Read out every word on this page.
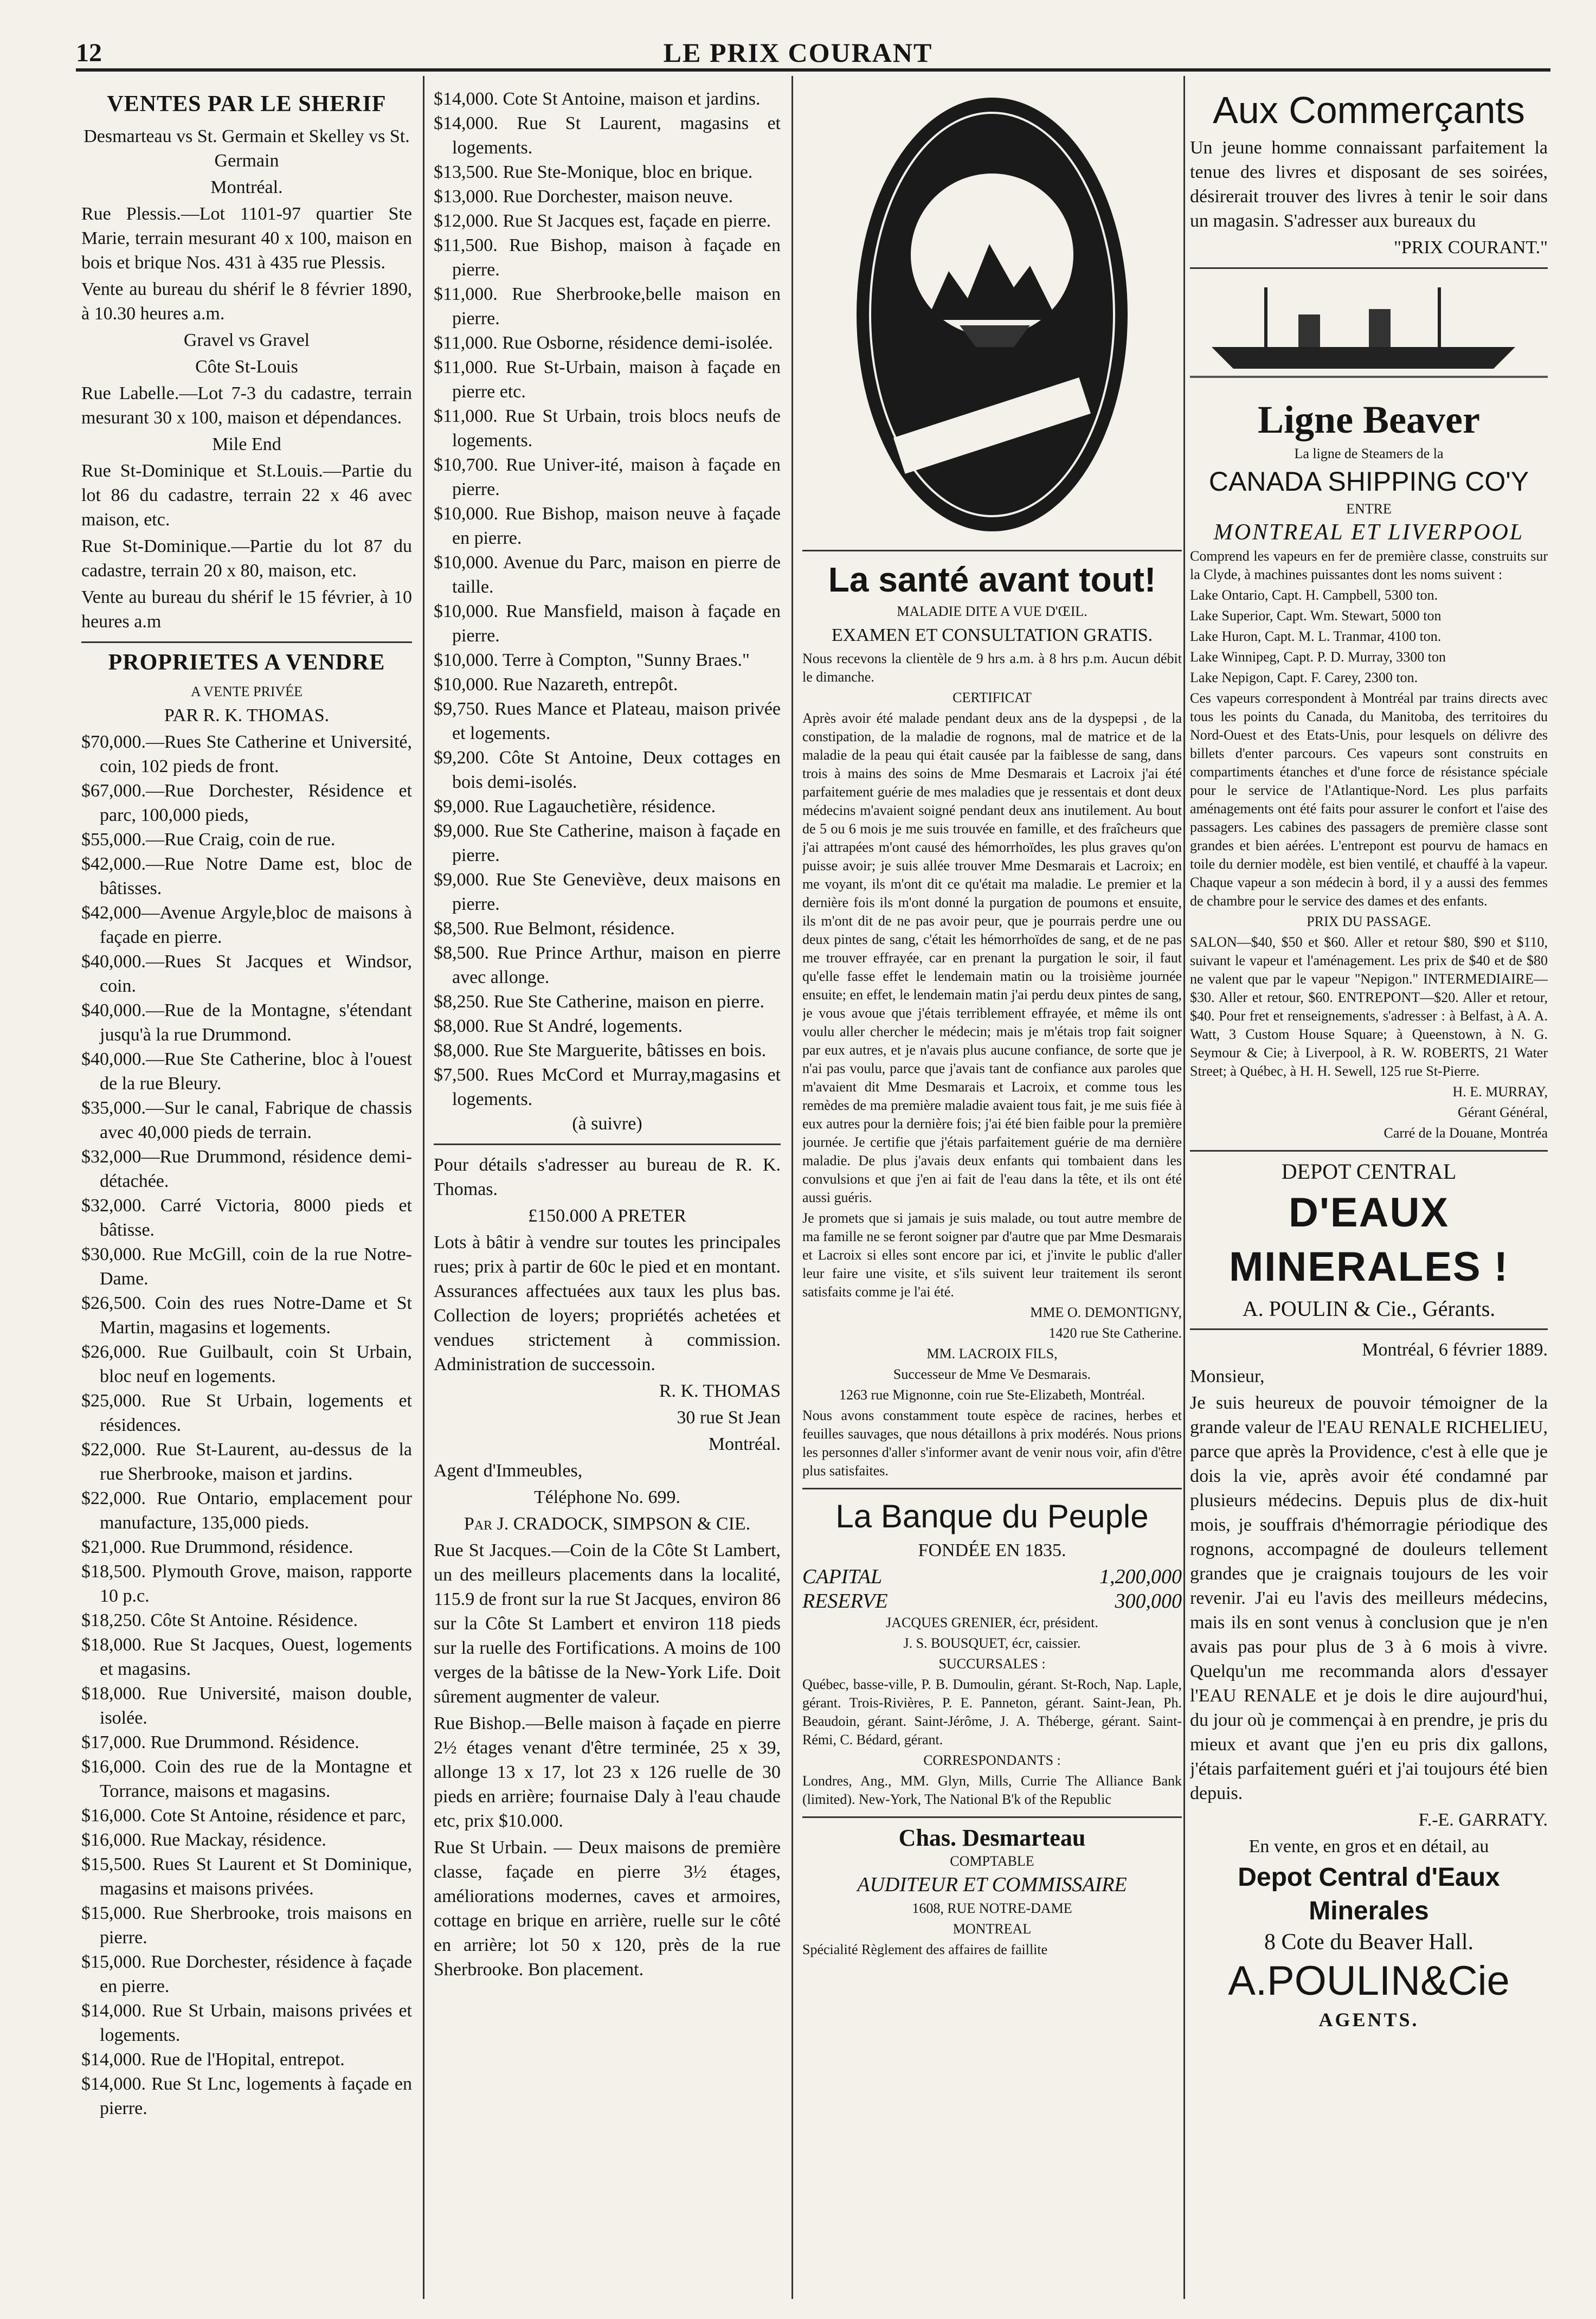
12	LE PRIX COURANT
VENTES PAR LE SHERIF

Desmarteau vs St. Germain et Skelley vs St. Germain

Montréal.

Rue Plessis.—Lot 1101-97 quartier Ste Marie, terrain mesurant 40 x 100, maison en bois et brique Nos. 431 à 435 rue Plessis.

Vente au bureau du shérif le 8 février 1890, à 10.30 heures a.m.

Gravel vs Gravel

Côte St-Louis

Rue Labelle.—Lot 7-3 du cadastre, terrain mesurant 30 x 100, maison et dépendances.

Mile End

Rue St-Dominique et St.Louis.—Partie du lot 86 du cadastre, terrain 22 x 46 avec maison, etc.

Rue St-Dominique.—Partie du lot 87 du cadastre, terrain 20 x 80, maison, etc.

Vente au bureau du shérif le 15 février, à 10 heures a.m

PROPRIETES A VENDRE

A VENTE PRIVÉE

PAR R. K. THOMAS.

$70,000.—Rues Ste Catherine et Université, coin, 102 pieds de front.

$67,000.—Rue Dorchester, Résidence et parc, 100,000 pieds,

$55,000.—Rue Craig, coin de rue.

$42,000.—Rue Notre Dame est, bloc de bâtisses.

$42,000—Avenue Argyle,bloc de maisons à façade en pierre.

$40,000.—Rues St Jacques et Windsor, coin.

$40,000.—Rue de la Montagne, s'étendant jusqu'à la rue Drummond.

$40,000.—Rue Ste Catherine, bloc à l'ouest de la rue Bleury.

$35,000.—Sur le canal, Fabrique de chassis avec 40,000 pieds de terrain.

$32,000—Rue Drummond, résidence demi-détachée.

$32,000. Carré Victoria, 8000 pieds et bâtisse.

$30,000. Rue McGill, coin de la rue Notre-Dame.

$26,500. Coin des rues Notre-Dame et St Martin, magasins et logements.

$26,000. Rue Guilbault, coin St Urbain, bloc neuf en logements.

$25,000. Rue St Urbain, logements et résidences.

$22,000. Rue St-Laurent, au-dessus de la rue Sherbrooke, maison et jardins.

$22,000. Rue Ontario, emplacement pour manufacture, 135,000 pieds.

$21,000. Rue Drummond, résidence.

$18,500. Plymouth Grove, maison, rapporte 10 p.c.

$18,250. Côte St Antoine. Résidence.

$18,000. Rue St Jacques, Ouest, logements et magasins.

$18,000. Rue Université, maison double, isolée.

$17,000. Rue Drummond. Résidence.

$16,000. Coin des rue de la Montagne et Torrance, maisons et magasins.

$16,000. Cote St Antoine, résidence et parc,

$16,000. Rue Mackay, résidence.

$15,500. Rues St Laurent et St Dominique, magasins et maisons privées.

$15,000. Rue Sherbrooke, trois maisons en pierre.

$15,000. Rue Dorchester, résidence à façade en pierre.

$14,000. Rue St Urbain, maisons privées et logements.

$14,000. Rue de l'Hopital, entrepot.

$14,000. Rue St Lnc, logements à façade en pierre.

$14,000. Cote St Antoine, maison et jardins.

$14,000. Rue St Laurent, magasins et logements.

$13,500. Rue Ste-Monique, bloc en brique.

$13,000. Rue Dorchester, maison neuve.

$12,000. Rue St Jacques est, façade en pierre.

$11,500. Rue Bishop, maison à façade en pierre.

$11,000. Rue Sherbrooke,belle maison en pierre.

$11,000. Rue Osborne, résidence demi-isolée.

$11,000. Rue St-Urbain, maison à façade en pierre etc.

$11,000. Rue St Urbain, trois blocs neufs de logements.

$10,700. Rue Univer-ité, maison à façade en pierre.

$10,000. Rue Bishop, maison neuve à façade en pierre.

$10,000. Avenue du Parc, maison en pierre de taille.

$10,000. Rue Mansfield, maison à façade en pierre.

$10,000. Terre à Compton, "Sunny Braes."

$10,000. Rue Nazareth, entrepôt.

$9,750. Rues Mance et Plateau, maison privée et logements.

$9,200. Côte St Antoine, Deux cottages en bois demi-isolés.

$9,000. Rue Lagauchetière, résidence.

$9,000. Rue Ste Catherine, maison à façade en pierre.

$9,000. Rue Ste Geneviève, deux maisons en pierre.

$8,500. Rue Belmont, résidence.

$8,500. Rue Prince Arthur, maison en pierre avec allonge.

$8,250. Rue Ste Catherine, maison en pierre.

$8,000. Rue St André, logements.

$8,000. Rue Ste Marguerite, bâtisses en bois.

$7,500. Rues McCord et Murray,magasins et logements.

(à suivre)

Pour détails s'adresser au bureau de R. K. Thomas.

£150.000 A PRETER

Lots à bâtir à vendre sur toutes les principales rues; prix à partir de 60c le pied et en montant. Assurances affectuées aux taux les plus bas. Collection de loyers; propriétés achetées et vendues strictement à commission. Administration de successoin.

R. K. THOMAS

30 rue St Jean

Montréal.

Agent d'Immeubles,

Téléphone No. 699.

Par J. CRADOCK, SIMPSON & CIE.

Rue St Jacques.—Coin de la Côte St Lambert, un des meilleurs placements dans la localité, 115.9 de front sur la rue St Jacques, environ 86 sur la Côte St Lambert et environ 118 pieds sur la ruelle des Fortifications. A moins de 100 verges de la bâtisse de la New-York Life. Doit sûrement augmenter de valeur.

Rue Bishop.—Belle maison à façade en pierre 2½ étages venant d'être terminée, 25 x 39, allonge 13 x 17, lot 23 x 126 ruelle de 30 pieds en arrière; fournaise Daly à l'eau chaude etc, prix $10.000.

Rue St Urbain. — Deux maisons de première classe, façade en pierre 3½ étages, améliorations modernes, caves et armoires, cottage en brique en arrière, ruelle sur le côté en arrière; lot 50 x 120, près de la rue Sherbrooke. Bon placement.

La santé avant tout!

MALADIE DITE A VUE D'ŒIL.

EXAMEN ET CONSULTATION GRATIS.

Nous recevons la clientèle de 9 hrs a.m. à 8 hrs p.m. Aucun débit le dimanche.

CERTIFICAT

Après avoir été malade pendant deux ans de la dyspepsi , de la constipation, de la maladie de rognons, mal de matrice et de la maladie de la peau qui était causée par la faiblesse de sang, dans trois à mains des soins de Mme Desmarais et Lacroix j'ai été parfaitement guérie de mes maladies que je ressentais et dont deux médecins m'avaient soigné pendant deux ans inutilement. Au bout de 5 ou 6 mois je me suis trouvée en famille, et des fraîcheurs que j'ai attrapées m'ont causé des hémorrhoïdes, les plus graves qu'on puisse avoir; je suis allée trouver Mme Desmarais et Lacroix; en me voyant, ils m'ont dit ce qu'était ma maladie. Le premier et la dernière fois ils m'ont donné la purgation de poumons et ensuite, ils m'ont dit de ne pas avoir peur, que je pourrais perdre une ou deux pintes de sang, c'était les hémorrhoïdes de sang, et de ne pas me trouver effrayée, car en prenant la purgation le soir, il faut qu'elle fasse effet le lendemain matin ou la troisième journée ensuite; en effet, le lendemain matin j'ai perdu deux pintes de sang, je vous avoue que j'étais terriblement effrayée, et même ils ont voulu aller chercher le médecin; mais je m'étais trop fait soigner par eux autres, et je n'avais plus aucune confiance, de sorte que je n'ai pas voulu, parce que j'avais tant de confiance aux paroles que m'avaient dit Mme Desmarais et Lacroix, et comme tous les remèdes de ma première maladie avaient tous fait, je me suis fiée à eux autres pour la dernière fois; j'ai été bien faible pour la première journée. Je certifie que j'étais parfaitement guérie de ma dernière maladie. De plus j'avais deux enfants qui tombaient dans les convulsions et que j'en ai fait de l'eau dans la tête, et ils ont été aussi guéris.

Je promets que si jamais je suis malade, ou tout autre membre de ma famille ne se feront soigner par d'autre que par Mme Desmarais et Lacroix si elles sont encore par ici, et j'invite le public d'aller leur faire une visite, et s'ils suivent leur traitement ils seront satisfaits comme je l'ai été.

MME O. DEMONTIGNY,

1420 rue Ste Catherine.

MM. LACROIX FILS,

Successeur de Mme Ve Desmarais.

1263 rue Mignonne, coin rue Ste-Elizabeth, Montréal.

Nous avons constamment toute espèce de racines, herbes et feuilles sauvages, que nous détaillons à prix modérés. Nous prions les personnes d'aller s'informer avant de venir nous voir, afin d'être plus satisfaites.

La Banque du Peuple

FONDÉE EN 1835.

CAPITAL	1,200,000
RESERVE	300,000

JACQUES GRENIER, écr, président.

J. S. BOUSQUET, écr, caissier.

SUCCURSALES :

Québec, basse-ville, P. B. Dumoulin, gérant. St-Roch, Nap. Laple, gérant. Trois-Rivières, P. E. Panneton, gérant. Saint-Jean, Ph. Beaudoin, gérant. Saint-Jérôme, J. A. Théberge, gérant. Saint-Rémi, C. Bédard, gérant.

CORRESPONDANTS :

Londres, Ang., MM. Glyn, Mills, Currie The Alliance Bank (limited). New-York, The National B'k of the Republic

Chas. Desmarteau

COMPTABLE

AUDITEUR ET COMMISSAIRE

1608, RUE NOTRE-DAME

MONTREAL

Spécialité Règlement des affaires de faillite

Aux Commerçants

Un jeune homme connaissant parfaitement la tenue des livres et disposant de ses soirées, désirerait trouver des livres à tenir le soir dans un magasin. S'adresser aux bureaux du

"PRIX COURANT."

Ligne Beaver

La ligne de Steamers de la

CANADA SHIPPING CO'Y

ENTRE

MONTREAL ET LIVERPOOL

Comprend les vapeurs en fer de première classe, construits sur la Clyde, à machines puissantes dont les noms suivent :

Lake Ontario, Capt. H. Campbell, 5300 ton.

Lake Superior, Capt. Wm. Stewart, 5000 ton

Lake Huron, Capt. M. L. Tranmar, 4100 ton.

Lake Winnipeg, Capt. P. D. Murray, 3300 ton

Lake Nepigon, Capt. F. Carey, 2300 ton.

Ces vapeurs correspondent à Montréal par trains directs avec tous les points du Canada, du Manitoba, des territoires du Nord-Ouest et des Etats-Unis, pour lesquels on délivre des billets d'enter parcours. Ces vapeurs sont construits en compartiments étanches et d'une force de résistance spéciale pour le service de l'Atlantique-Nord. Les plus parfaits aménagements ont été faits pour assurer le confort et l'aise des passagers. Les cabines des passagers de première classe sont grandes et bien aérées. L'entrepont est pourvu de hamacs en toile du dernier modèle, est bien ventilé, et chauffé à la vapeur. Chaque vapeur a son médecin à bord, il y a aussi des femmes de chambre pour le service des dames et des enfants.

PRIX DU PASSAGE.

SALON—$40, $50 et $60. Aller et retour $80, $90 et $110, suivant le vapeur et l'aménagement. Les prix de $40 et de $80 ne valent que par le vapeur "Nepigon." INTERMEDIAIRE—$30. Aller et retour, $60. ENTREPONT—$20. Aller et retour, $40. Pour fret et renseignements, s'adresser : à Belfast, à A. A. Watt, 3 Custom House Square; à Queenstown, à N. G. Seymour & Cie; à Liverpool, à R. W. ROBERTS, 21 Water Street; à Québec, à H. H. Sewell, 125 rue St-Pierre.

H. E. MURRAY,

Gérant Général,

Carré de la Douane, Montréa

DEPOT CENTRAL

D'EAUX MINERALES !

A. POULIN & Cie., Gérants.

Montréal, 6 février 1889.

Monsieur,

Je suis heureux de pouvoir témoigner de la grande valeur de l'EAU RENALE RICHELIEU, parce que après la Providence, c'est à elle que je dois la vie, après avoir été condamné par plusieurs médecins. Depuis plus de dix-huit mois, je souffrais d'hémorragie périodique des rognons, accompagné de douleurs tellement grandes que je craignais toujours de les voir revenir. J'ai eu l'avis des meilleurs médecins, mais ils en sont venus à conclusion que je n'en avais pas pour plus de 3 à 6 mois à vivre. Quelqu'un me recommanda alors d'essayer l'EAU RENALE et je dois le dire aujourd'hui, du jour où je commençai à en prendre, je pris du mieux et avant que j'en eu pris dix gallons, j'étais parfaitement guéri et j'ai toujours été bien depuis.

F.-E. GARRATY.

En vente, en gros et en détail, au

Depot Central d'Eaux Minerales

8 Cote du Beaver Hall.

A.POULIN&Cie

AGENTS.
